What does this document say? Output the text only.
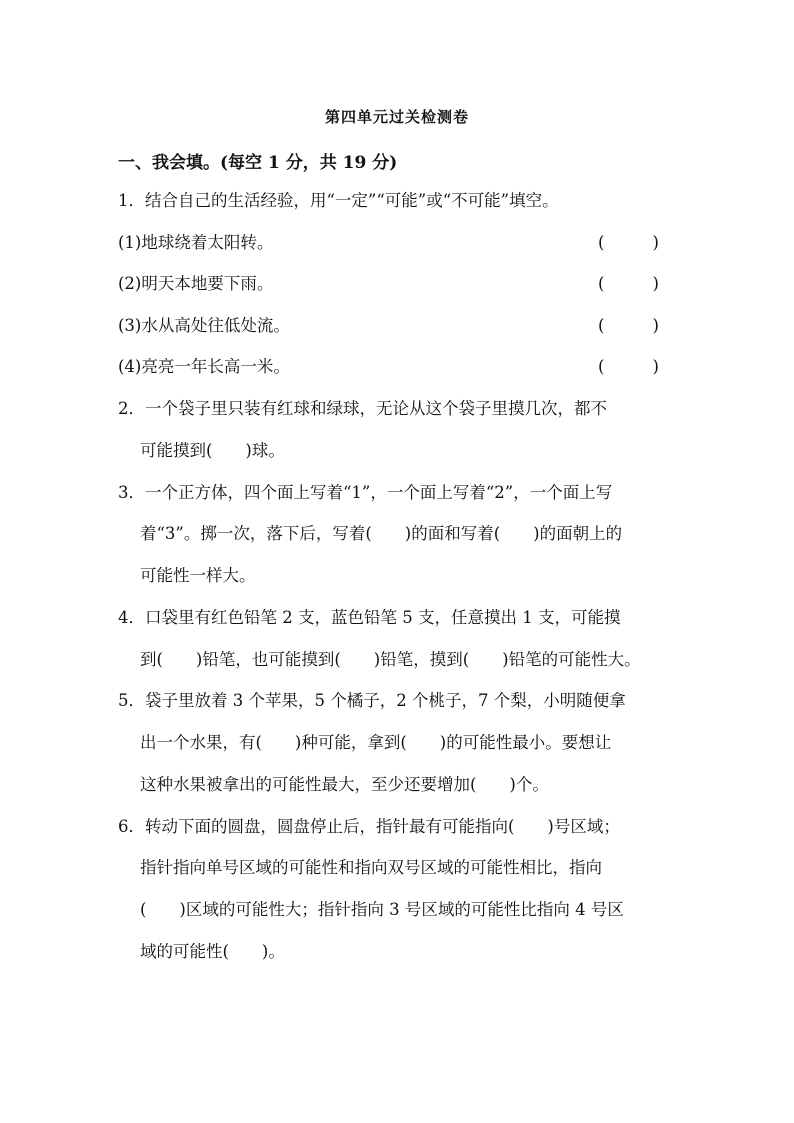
第四单元过关检测卷
一、我会填。(每空 1 分，共 19 分)
1．结合自己的生活经验，用“一定”“可能”或“不可能”填空。
(1)地球绕着太阳转。	(	)
(2)明天本地要下雨。	(	)
(3)水从高处往低处流。	(	)
(4)亮亮一年长高一米。	(	)
2．一个袋子里只装有红球和绿球，无论从这个袋子里摸几次，都不
可能摸到(　　)球。
3．一个正方体，四个面上写着“1”，一个面上写着“2”，一个面上写
着“3”。掷一次，落下后，写着(　　)的面和写着(　　)的面朝上的
可能性一样大。
4．口袋里有红色铅笔 2 支，蓝色铅笔 5 支，任意摸出 1 支，可能摸
到(　　)铅笔，也可能摸到(　　)铅笔，摸到(　　)铅笔的可能性大。
5．袋子里放着 3 个苹果，5 个橘子，2 个桃子，7 个梨，小明随便拿
出一个水果，有(　　)种可能，拿到(　　)的可能性最小。要想让
这种水果被拿出的可能性最大，至少还要增加(　　)个。
6．转动下面的圆盘，圆盘停止后，指针最有可能指向(　　)号区域；
指针指向单号区域的可能性和指向双号区域的可能性相比，指向
(　　)区域的可能性大；指针指向 3 号区域的可能性比指向 4 号区
域的可能性(　　)。
